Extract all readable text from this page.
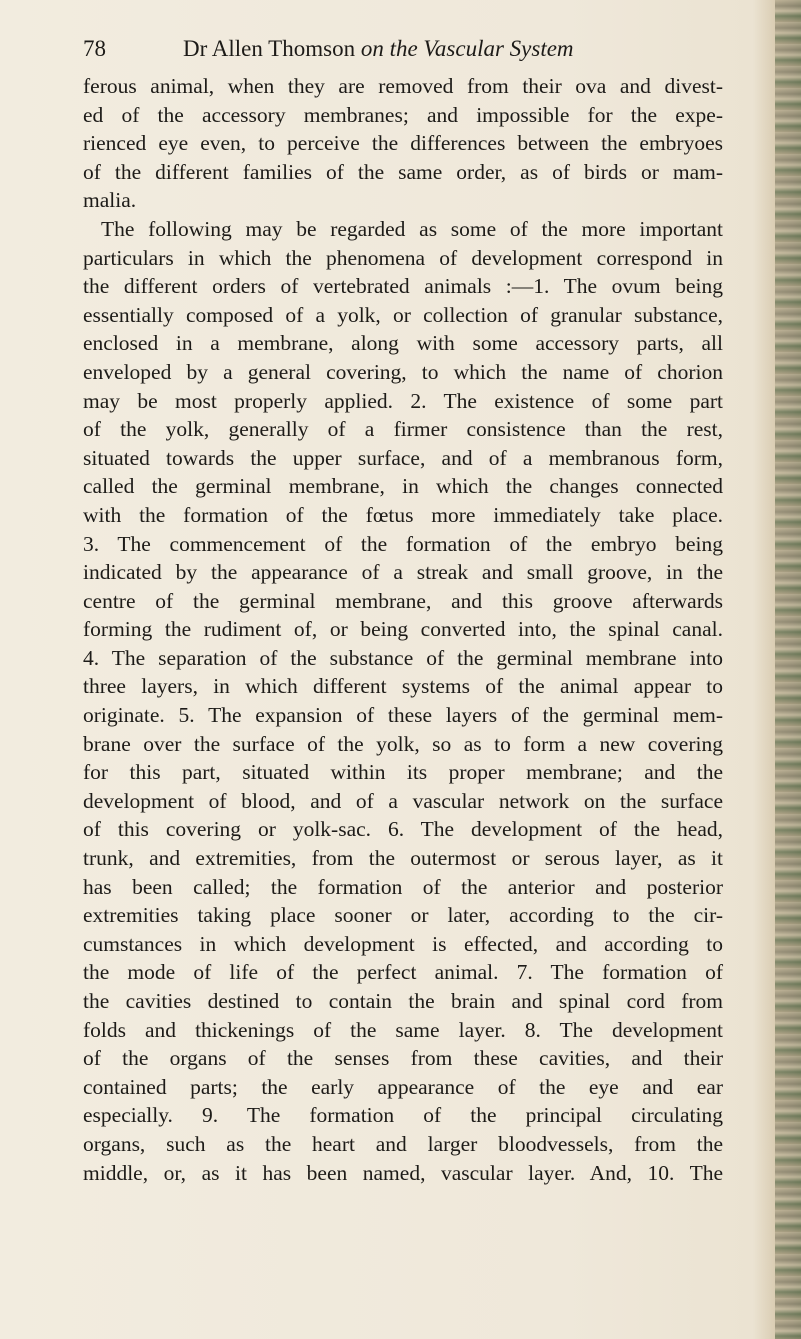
78	Dr Allen Thomson on the Vascular System
ferous animal, when they are removed from their ova and divest-
ed of the accessory membranes; and impossible for the expe-
rienced eye even, to perceive the differences between the embryoes
of the different families of the same order, as of birds or mam-
malia.
The following may be regarded as some of the more important
particulars in which the phenomena of development correspond in
the different orders of vertebrated animals :—1. The ovum being
essentially composed of a yolk, or collection of granular substance,
enclosed in a membrane, along with some accessory parts, all
enveloped by a general covering, to which the name of chorion
may be most properly applied. 2. The existence of some part
of the yolk, generally of a firmer consistence than the rest,
situated towards the upper surface, and of a membranous form,
called the germinal membrane, in which the changes connected
with the formation of the fœtus more immediately take place.
3. The commencement of the formation of the embryo being
indicated by the appearance of a streak and small groove, in the
centre of the germinal membrane, and this groove afterwards
forming the rudiment of, or being converted into, the spinal canal.
4. The separation of the substance of the germinal membrane into
three layers, in which different systems of the animal appear to
originate. 5. The expansion of these layers of the germinal mem-
brane over the surface of the yolk, so as to form a new covering
for this part, situated within its proper membrane; and the
development of blood, and of a vascular network on the surface
of this covering or yolk-sac. 6. The development of the head,
trunk, and extremities, from the outermost or serous layer, as it
has been called; the formation of the anterior and posterior
extremities taking place sooner or later, according to the cir-
cumstances in which development is effected, and according to
the mode of life of the perfect animal. 7. The formation of
the cavities destined to contain the brain and spinal cord from
folds and thickenings of the same layer. 8. The development
of the organs of the senses from these cavities, and their
contained parts; the early appearance of the eye and ear
especially. 9. The formation of the principal circulating
organs, such as the heart and larger bloodvessels, from the
middle, or, as it has been named, vascular layer. And, 10. The
